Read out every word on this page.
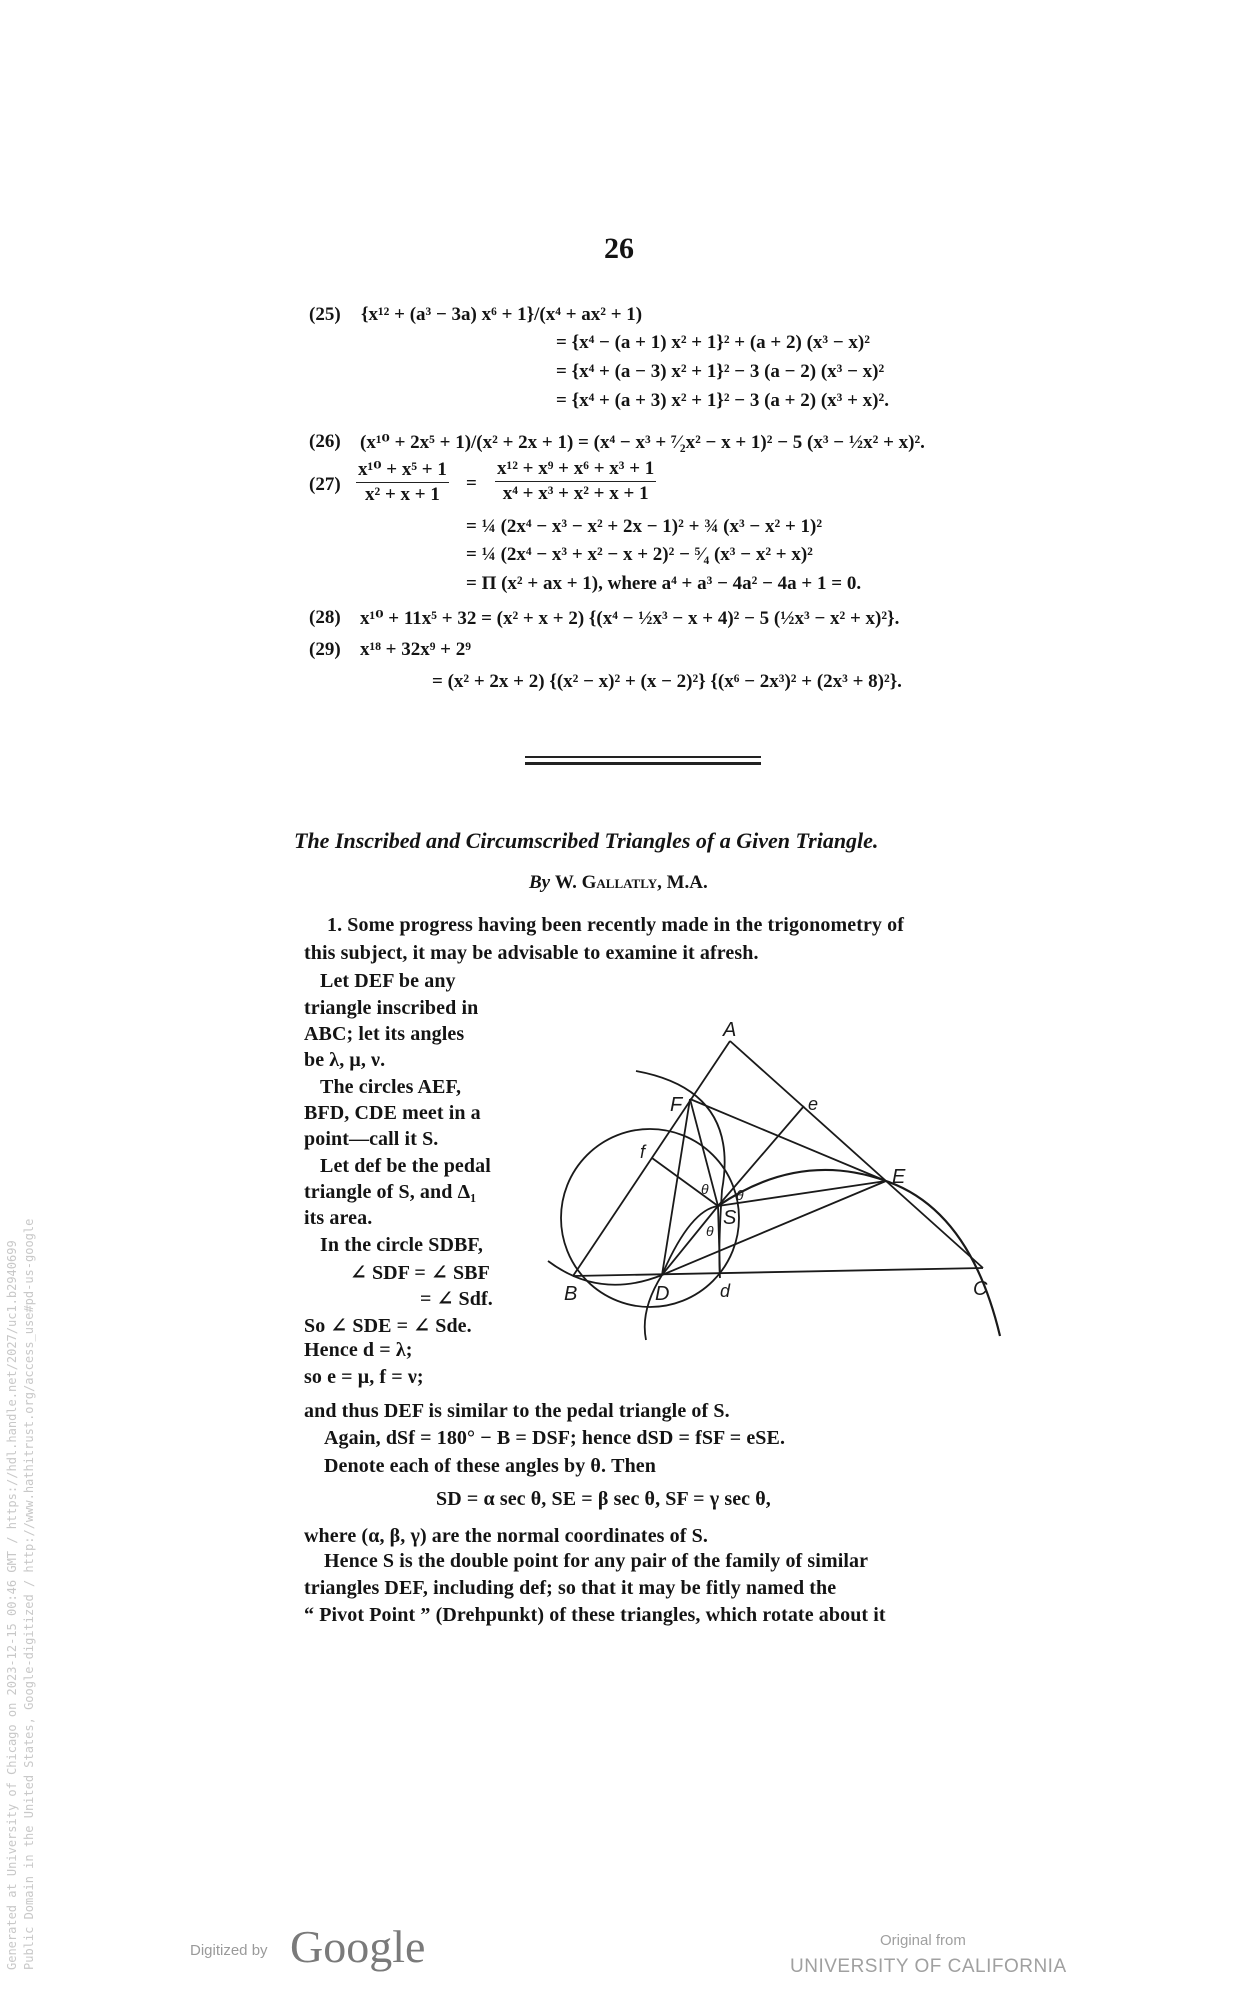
26
(25) {x¹² + (a³ − 3a) x⁶ + 1}/(x⁴ + ax² + 1)
= {x⁴ − (a + 1) x² + 1}² + (a + 2) (x³ − x)²
= {x⁴ + (a − 3) x² + 1}² − 3 (a − 2) (x³ − x)²
= {x⁴ + (a + 3) x² + 1}² − 3 (a + 2) (x³ + x)².
(26) (x¹⁰ + 2x⁵ + 1)/(x² + 2x + 1) = (x⁴ − x³ + ⁷⁄₂x² − x + 1)² − 5 (x³ − ½x² + x)².
$(27) \frac{\text{x¹⁰ + x⁵ + 1}}{\text{x² + x + 1}} = \frac{\text{x¹² + x⁹ + x⁶ + x³ + 1}}{\text{x⁴ + x³ + x² + x + 1}}$
= ¼ (2x⁴ − x³ − x² + 2x − 1)² + ¾ (x³ − x² + 1)²
= ¼ (2x⁴ − x³ + x² − x + 2)² − ⁵⁄₄ (x³ − x² + x)²
= Π (x² + ax + 1), where a⁴ + a³ − 4a² − 4a + 1 = 0.
(28) x¹⁰ + 11x⁵ + 32 = (x² + x + 2) {(x⁴ − ½x³ − x + 4)² − 5 (½x³ − x² + x)²}.
(29) x¹⁸ + 32x⁹ + 2⁹
= (x² + 2x + 2) {(x² − x)² + (x − 2)²} {(x⁶ − 2x³)² + (2x³ + 8)²}.
The Inscribed and Circumscribed Triangles of a Given Triangle.
By W. Gallatly, M.A.
1. Some progress having been recently made in the trigonometry of
this subject, it may be advisable to examine it afresh.
Let DEF be any
triangle inscribed in
ABC; let its angles
be λ, μ, ν.
The circles AEF,
BFD, CDE meet in a
point—call it S.
Let def be the pedal
triangle of S, and Δ₁
its area.
In the circle SDBF,
∠ SDF = ∠ SBF
= ∠ Sdf.
So ∠ SDE = ∠ Sde.
Hence d = λ;
so e = μ, f = ν;
A
B	C
D
E
F
S
d
e
f
θ θ
θ
and thus DEF is similar to the pedal triangle of S.
Again, dSf = 180° − B = DSF; hence dSD = fSF = eSE.
Denote each of these angles by θ. Then
SD = α sec θ, SE = β sec θ, SF = γ sec θ,
where (α, β, γ) are the normal coordinates of S.
Hence S is the double point for any pair of the family of similar
triangles DEF, including def; so that it may be fitly named the
“ Pivot Point ” (Drehpunkt) of these triangles, which rotate about it
Generated at University of Chicago on 2023-12-15 00:46 GMT / https://hdl.handle.net/2027/uc1.b2940699 Public Domain in the United States, Google-digitized / http://www.hathitrust.org/access_use#pd-us-google	Digitized by Google	Original from
UNIVERSITY OF CALIFORNIA
